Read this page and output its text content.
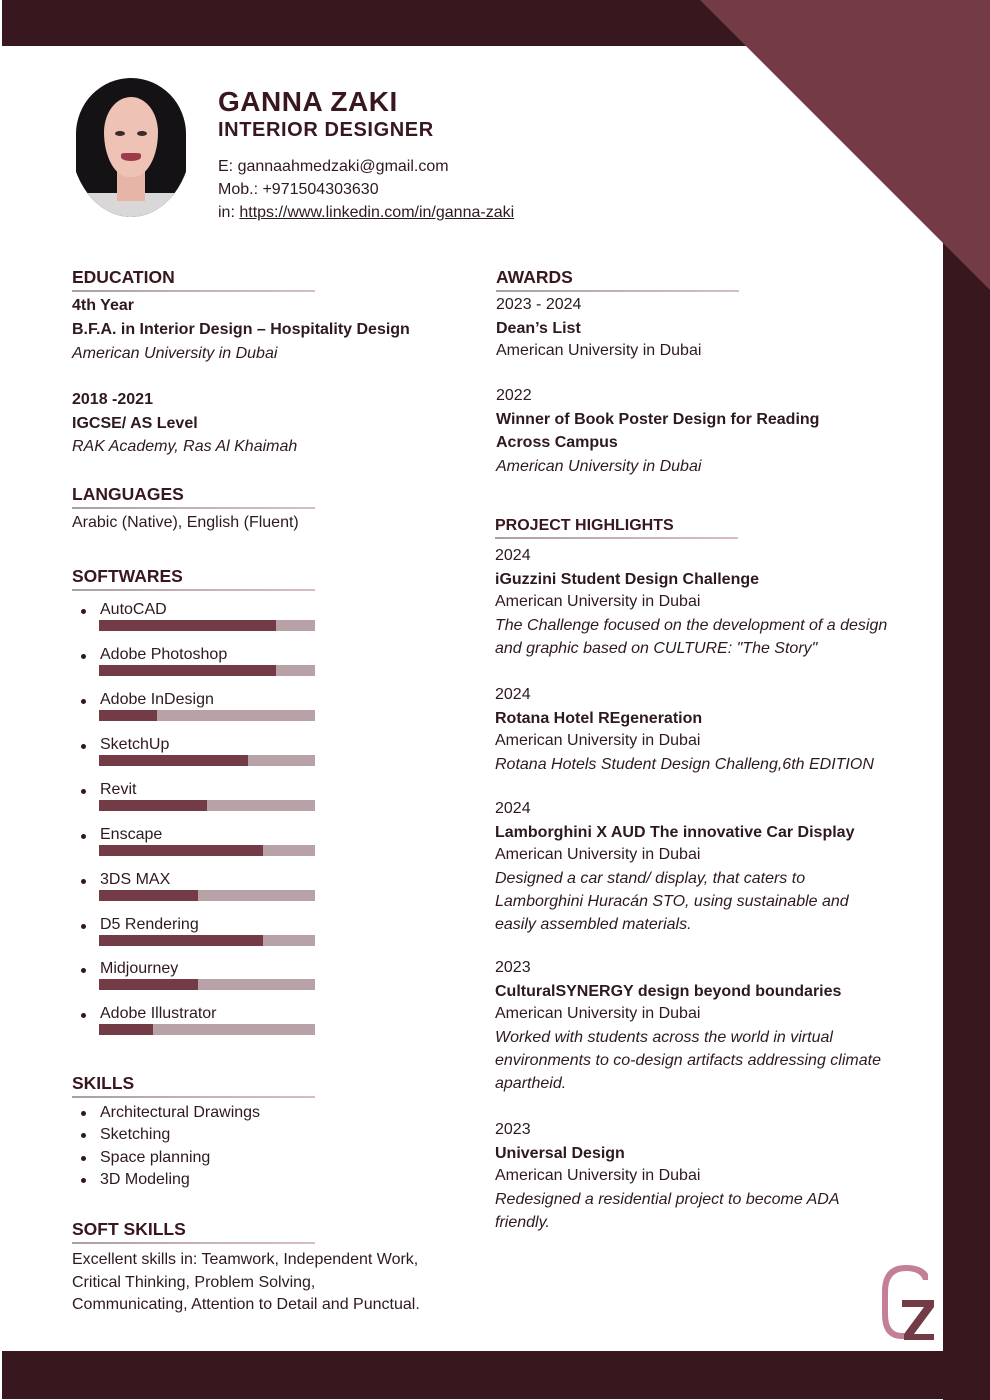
GANNA ZAKI
INTERIOR DESIGNER
E: gannaahmedzaki@gmail.com
Mob.: +971504303630
in: https://www.linkedin.com/in/ganna-zaki
EDUCATION
4th Year
B.F.A. in Interior Design – Hospitality Design
American University in Dubai
2018 -2021
IGCSE/ AS Level
RAK Academy, Ras Al Khaimah
LANGUAGES
Arabic (Native), English (Fluent)
SOFTWARES
AutoCAD
Adobe Photoshop
Adobe InDesign
SketchUp
Revit
Enscape
3DS MAX
D5 Rendering
Midjourney
Adobe Illustrator
SKILLS
Architectural Drawings
Sketching
Space planning
3D Modeling
SOFT SKILLS
Excellent skills in: Teamwork, Independent Work,
Critical Thinking, Problem Solving,
Communicating, Attention to Detail and Punctual.
AWARDS
2023 - 2024
Dean’s List
American University in Dubai
2022
Winner of Book Poster Design for Reading
Across Campus
American University in Dubai
PROJECT HIGHLIGHTS
2024
iGuzzini Student Design Challenge
American University in Dubai
The Challenge focused on the development of a design
and graphic based on CULTURE: "The Story"
2024
Rotana Hotel REgeneration
American University in Dubai
Rotana Hotels Student Design Challeng,6th EDITION
2024
Lamborghini X AUD The innovative Car Display
American University in Dubai
Designed a car stand/ display, that caters to
Lamborghini Huracán STO, using sustainable and
easily assembled materials.
2023
CulturalSYNERGY design beyond boundaries
American University in Dubai
Worked with students across the world in virtual
environments to co-design artifacts addressing climate
apartheid.
2023
Universal Design
American University in Dubai
Redesigned a residential project to become ADA
friendly.
